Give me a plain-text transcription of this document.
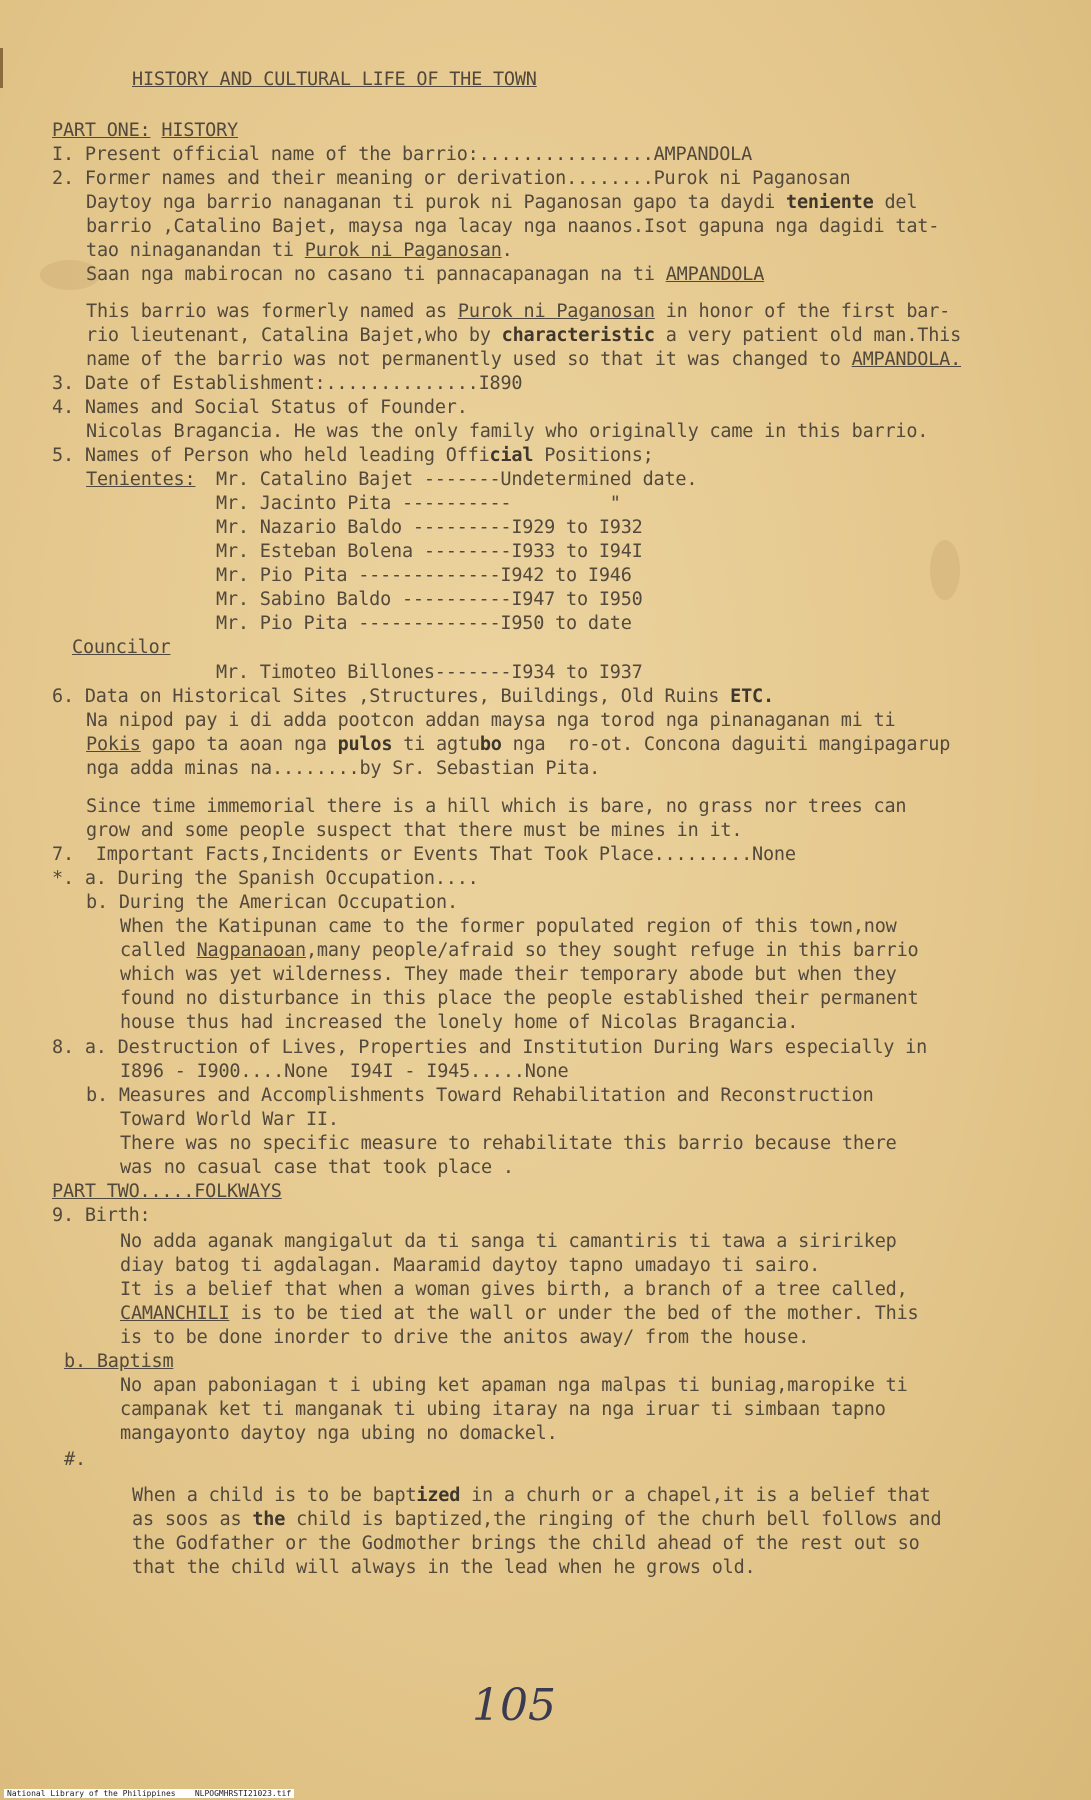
HISTORY AND CULTURAL LIFE OF THE TOWN
PART ONE: HISTORY
I. Present official name of the barrio:................AMPANDOLA
2. Former names and their meaning or derivation........Purok ni Paganosan
Daytoy nga barrio nanaganan ti purok ni Paganosan gapo ta daydi teniente del
barrio ,Catalino Bajet, maysa nga lacay nga naanos.Isot gapuna nga dagidi tat-
tao ninaganandan ti Purok ni Paganosan.
Saan nga mabirocan no casano ti pannacapanagan na ti AMPANDOLA
This barrio was formerly named as Purok ni Paganosan in honor of the first bar-
rio lieutenant, Catalina Bajet,who by characteristic a very patient old man.This
name of the barrio was not permanently used so that it was changed to AMPANDOLA.
3. Date of Establishment:..............I890
4. Names and Social Status of Founder.
Nicolas Bragancia. He was the only family who originally came in this barrio.
5. Names of Person who held leading Official Positions;
Tenientes: Mr. Catalino Bajet -------Undetermined date.
Mr. Jacinto Pita ----------         "
Mr. Nazario Baldo ---------I929 to I932
Mr. Esteban Bolena --------I933 to I94I
Mr. Pio Pita -------------I942 to I946
Mr. Sabino Baldo ----------I947 to I950
Mr. Pio Pita -------------I950 to date
Councilor
Mr. Timoteo Billones-------I934 to I937
6. Data on Historical Sites ,Structures, Buildings, Old Ruins ETC.
Na nipod pay i di adda pootcon addan maysa nga torod nga pinanaganan mi ti
Pokis gapo ta aoan nga pulos ti agtubo nga  ro-ot. Concona daguiti mangipagarup
nga adda minas na........by Sr. Sebastian Pita.
Since time immemorial there is a hill which is bare, no grass nor trees can
grow and some people suspect that there must be mines in it.
7.  Important Facts,Incidents or Events That Took Place.........None
*. a. During the Spanish Occupation....
b. During the American Occupation.
When the Katipunan came to the former populated region of this town,now
called Nagpanaoan,many people/afraid so they sought refuge in this barrio
which was yet wilderness. They made their temporary abode but when they
found no disturbance in this place the people established their permanent
house thus had increased the lonely home of Nicolas Bragancia.
8. a. Destruction of Lives, Properties and Institution During Wars especially in
I896 - I900....None  I94I - I945.....None
b. Measures and Accomplishments Toward Rehabilitation and Reconstruction
Toward World War II.
There was no specific measure to rehabilitate this barrio because there
was no casual case that took place .
PART TWO.....FOLKWAYS
9. Birth:
No adda aganak mangigalut da ti sanga ti camantiris ti tawa a siririkep
diay batog ti agdalagan. Maaramid daytoy tapno umadayo ti sairo.
It is a belief that when a woman gives birth, a branch of a tree called,
CAMANCHILI is to be tied at the wall or under the bed of the mother. This
is to be done inorder to drive the anitos away/ from the house.
b. Baptism
No apan paboniagan t i ubing ket apaman nga malpas ti buniag,maropike ti
campanak ket ti manganak ti ubing itaray na nga iruar ti simbaan tapno
mangayonto daytoy nga ubing no domackel.
#.
When a child is to be baptized in a churh or a chapel,it is a belief that
as soos as the child is baptized,the ringing of the churh bell follows and
the Godfather or the Godmother brings the child ahead of the rest out so
that the child will always in the lead when he grows old.
105
National Library of the Philippines    NLPOGMHRSTI21023.tif
